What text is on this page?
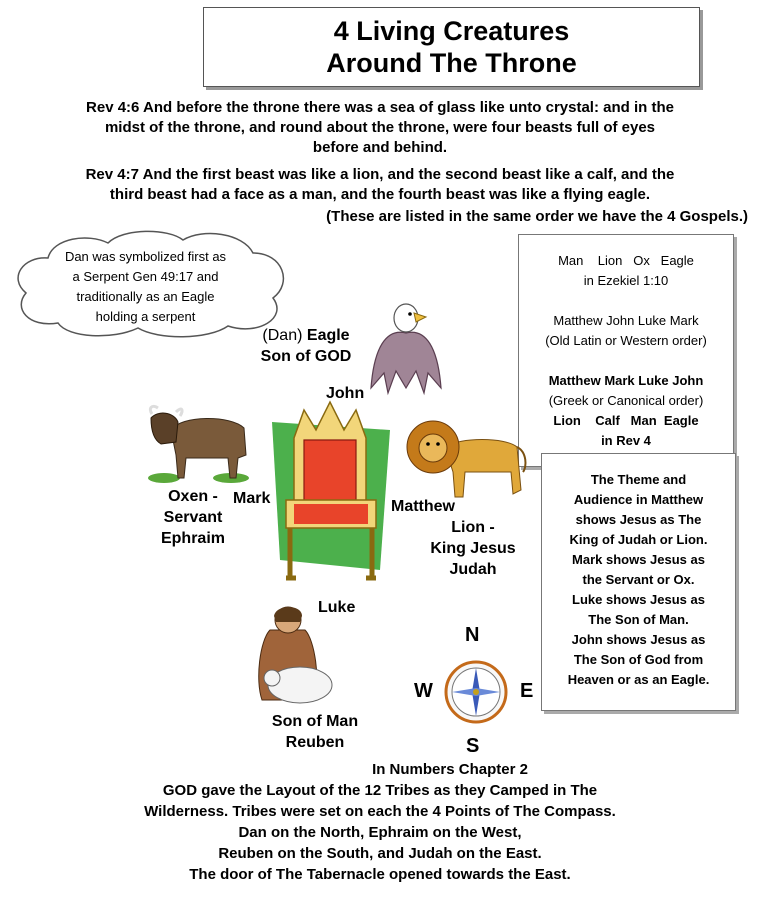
4 Living Creatures
Around The Throne
Rev 4:6 And before the throne there was a sea of glass like unto crystal: and in the
midst of the throne, and round about the throne, were four beasts full of eyes
before and behind.
Rev 4:7 And the first beast was like a lion, and the second beast like a calf, and the
third beast had a face as a man, and the fourth beast was like a flying eagle.
(These are listed in the same order we have the 4 Gospels.)
Dan was symbolized first as
a Serpent Gen 49:17 and
traditionally as an Eagle
holding a serpent
Man    Lion   Ox   Eagle
in Ezekiel 1:10
Matthew John Luke Mark
(Old Latin or Western order)
Matthew Mark Luke John
(Greek or Canonical order)
Lion    Calf   Man  Eagle
in Rev 4
The Theme and
Audience in Matthew
shows Jesus as The
King of Judah or Lion.
Mark shows Jesus as
the Servant or Ox.
Luke shows Jesus as
The Son of Man.
John shows Jesus as
The Son of God from
Heaven or as an Eagle.
N
S
E
W
(Dan) Eagle
Son of GOD
John
Oxen -
Servant
Ephraim
Mark	Matthew
Lion -
King Jesus
Judah
Luke
Son of Man
Reuben
In Numbers Chapter 2
GOD gave the Layout of the 12 Tribes as they Camped in The
Wilderness. Tribes were set on each the 4 Points of The Compass.
Dan on the North, Ephraim on the West,
Reuben on the South, and Judah on the East.
The door of The Tabernacle opened towards the East.
